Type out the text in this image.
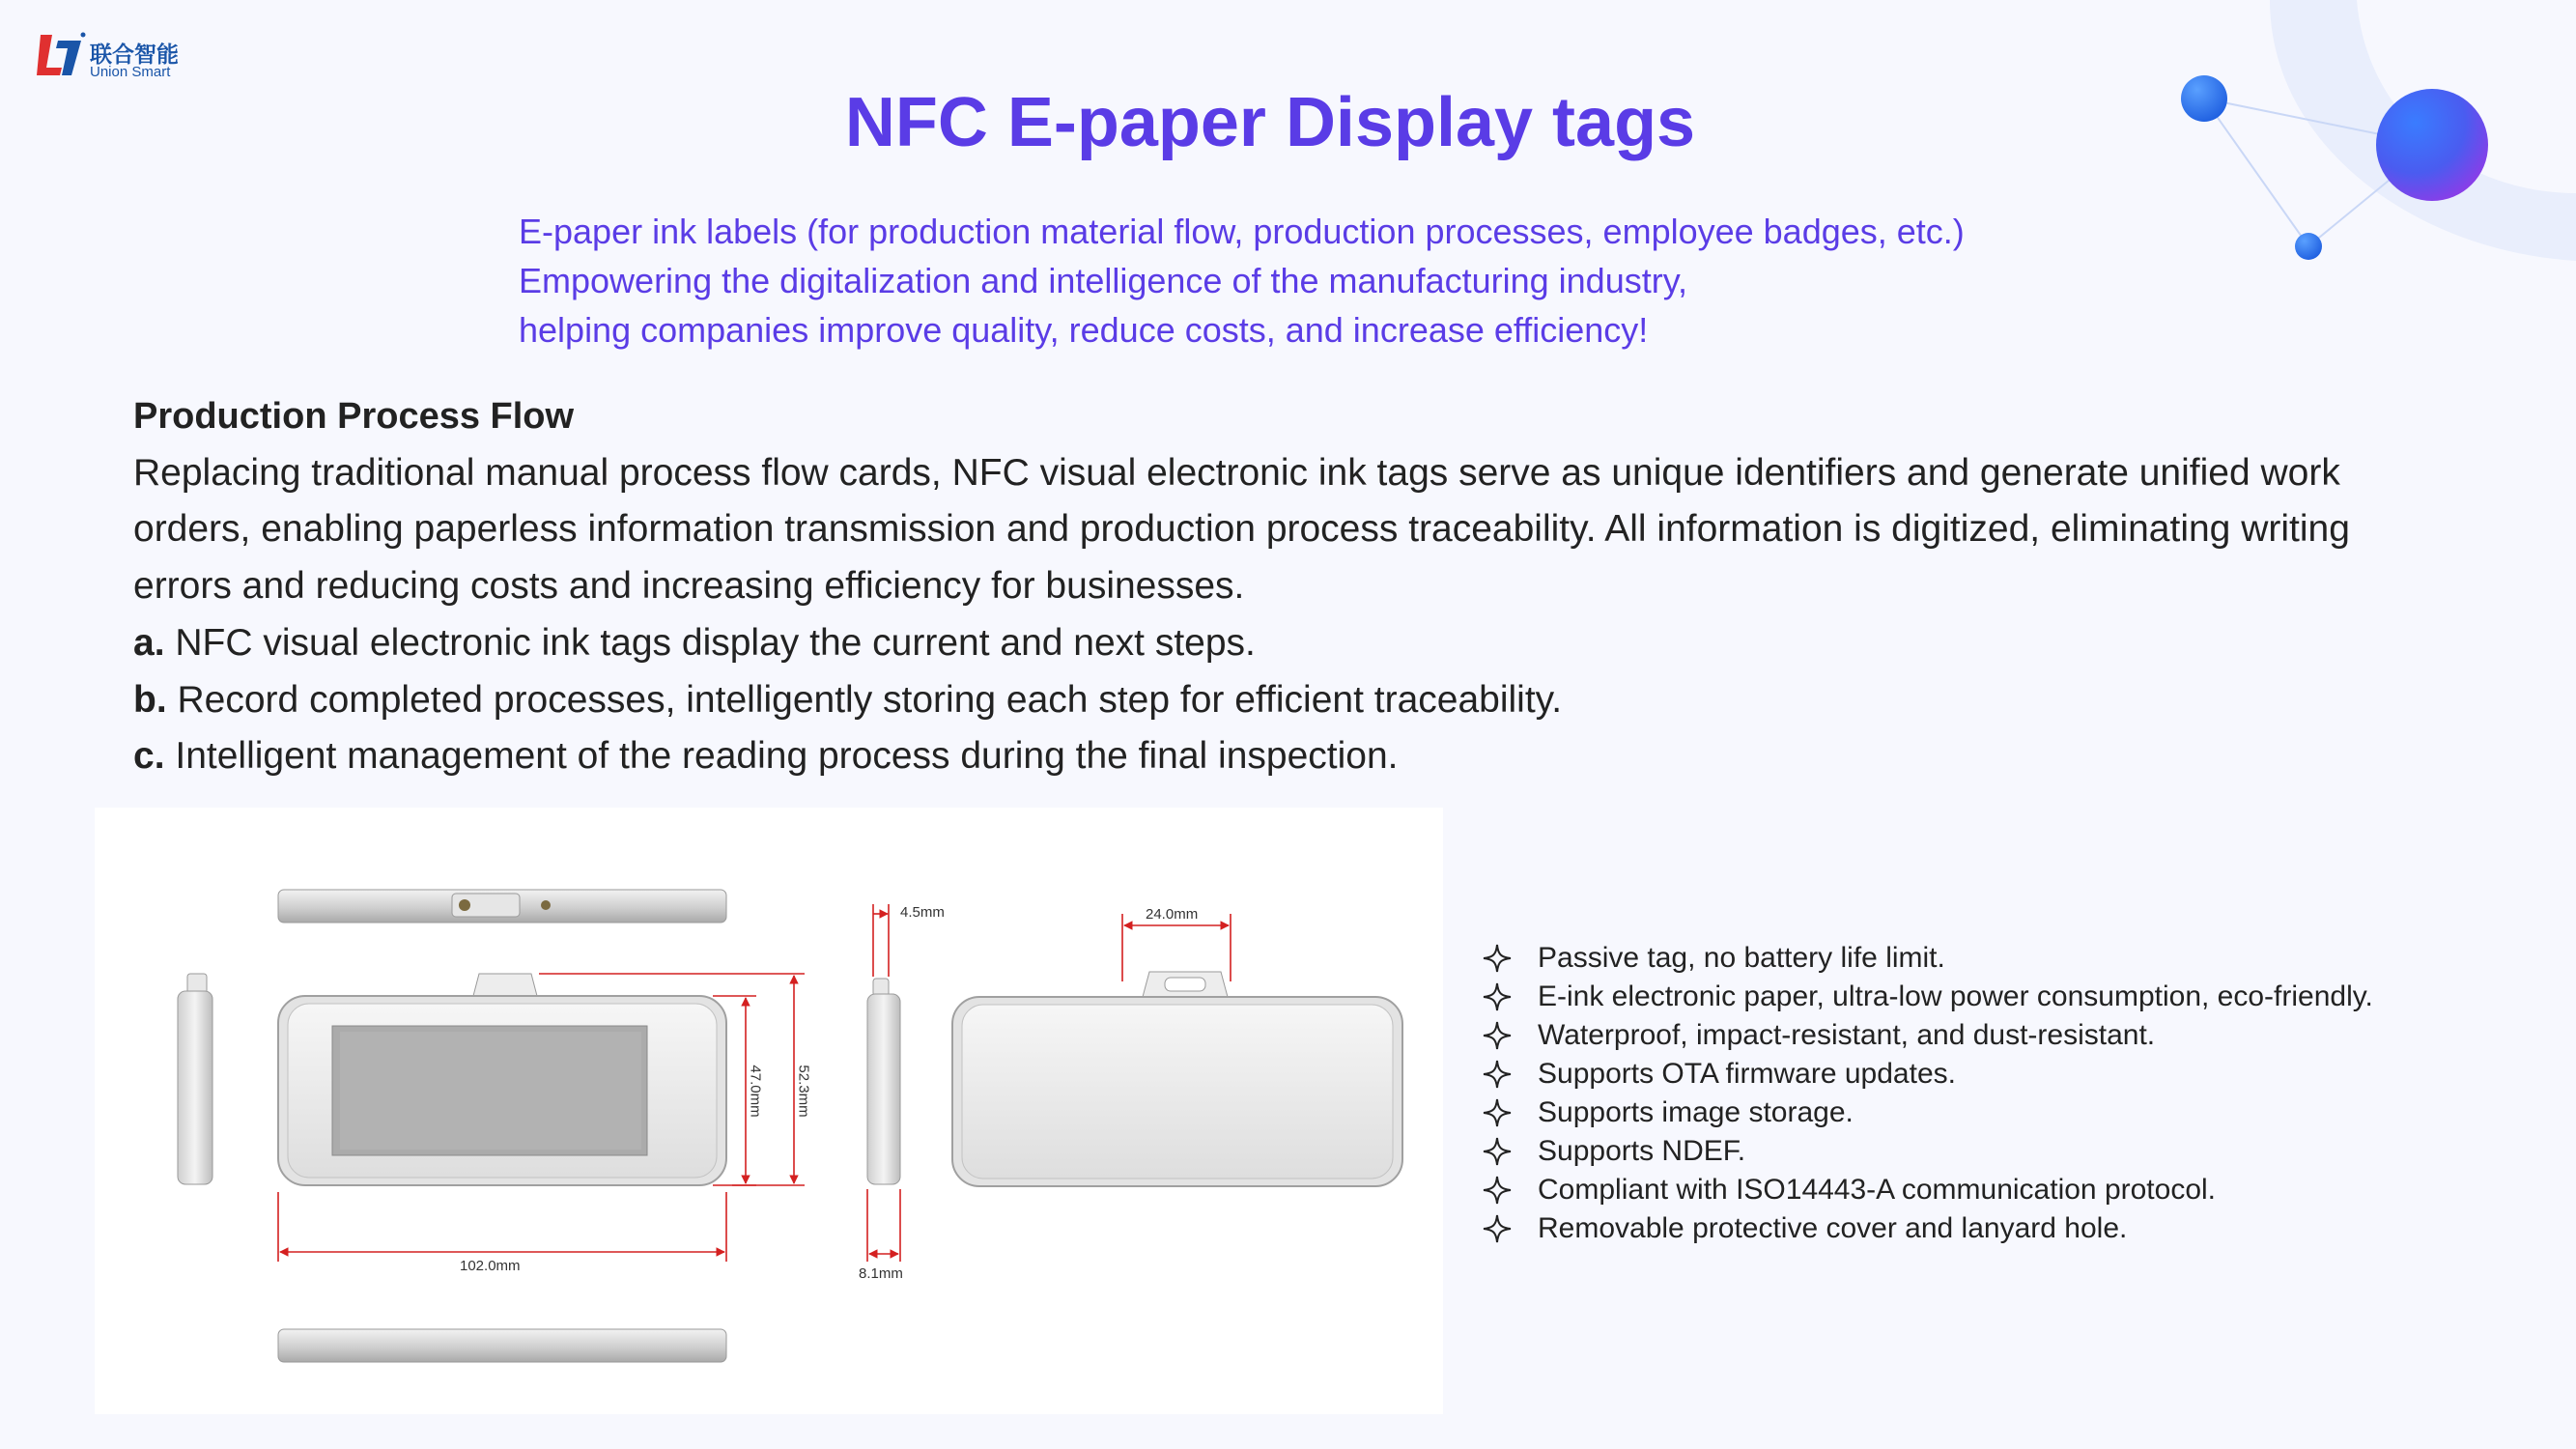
联合智能
Union Smart
NFC E-paper Display tags
E-paper ink labels (for production material flow, production processes, employee badges, etc.)
Empowering the digitalization and intelligence of the manufacturing industry,
helping companies improve quality, reduce costs, and increase efficiency!

Production Process Flow

Replacing traditional manual process flow cards, NFC visual electronic ink tags serve as unique identifiers and generate unified work orders, enabling paperless information transmission and production process traceability. All information is digitized, eliminating writing errors and reducing costs and increasing efficiency for businesses.

a. NFC visual electronic ink tags display the current and next steps.

b. Record completed processes, intelligently storing each step for efficient traceability.

c. Intelligent management of the reading process during the final inspection.

102.0mm
47.0mm 52.3mm
4.5mm
8.1mm
24.0mm
Passive tag, no battery life limit.
E-ink electronic paper, ultra-low power consumption, eco-friendly.
Waterproof, impact-resistant, and dust-resistant.
Supports OTA firmware updates.
Supports image storage.
Supports NDEF.
Compliant with ISO14443-A communication protocol.
Removable protective cover and lanyard hole.
